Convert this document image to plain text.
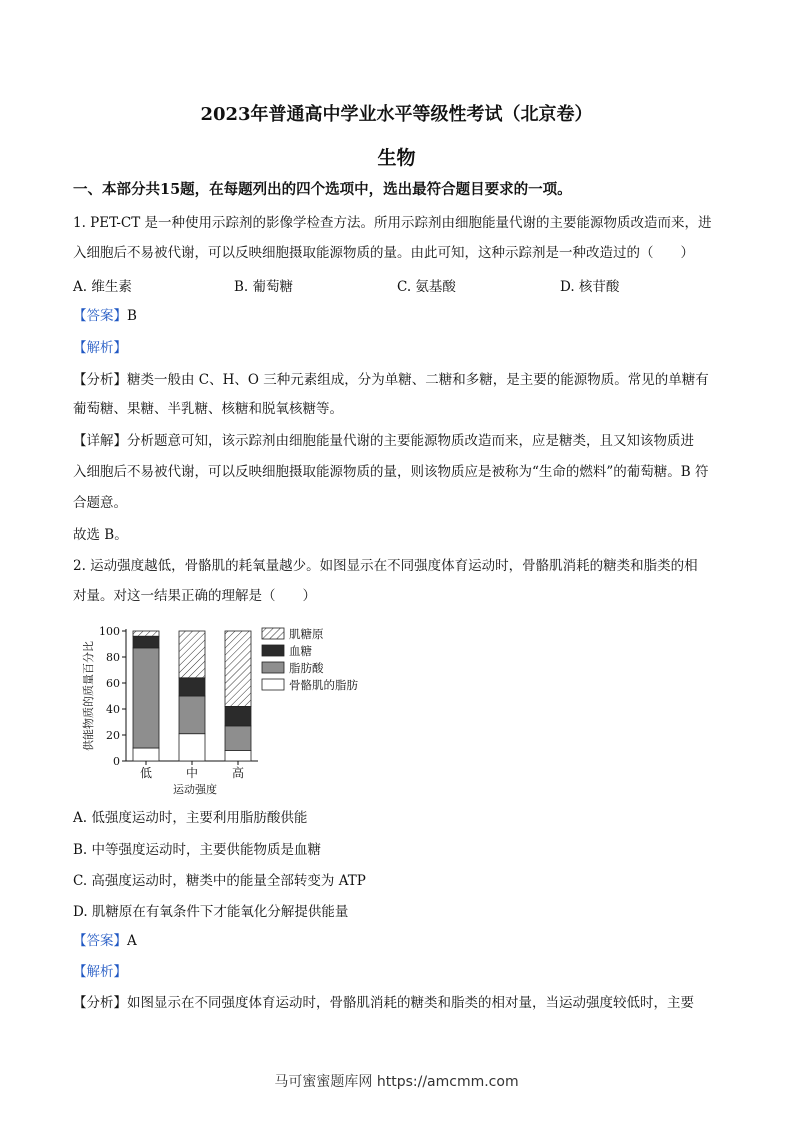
2023年普通高中学业水平等级性考试（北京卷）
生物
一、本部分共15题，在每题列出的四个选项中，选出最符合题目要求的一项。
1. PET-CT 是一种使用示踪剂的影像学检查方法。所用示踪剂由细胞能量代谢的主要能源物质改造而来，进
入细胞后不易被代谢，可以反映细胞摄取能源物质的量。由此可知，这种示踪剂是一种改造过的（　　）
A. 维生素	B. 葡萄糖	C. 氨基酸	D. 核苷酸
【答案】B
【解析】
【分析】糖类一般由 C、H、O 三种元素组成，分为单糖、二糖和多糖，是主要的能源物质。常见的单糖有
葡萄糖、果糖、半乳糖、核糖和脱氧核糖等。
【详解】分析题意可知，该示踪剂由细胞能量代谢的主要能源物质改造而来，应是糖类，且又知该物质进
入细胞后不易被代谢，可以反映细胞摄取能源物质的量，则该物质应是被称为“生命的燃料”的葡萄糖。B 符
合题意。
故选 B。
2. 运动强度越低，骨骼肌的耗氧量越少。如图显示在不同强度体育运动时，骨骼肌消耗的糖类和脂类的相
对量。对这一结果正确的理解是（　　）
供能物质的质量百分比
0
20
40
60
80
100
低	中	高
肌糖原
血糖
脂肪酸
骨骼肌的脂肪
运动强度
A. 低强度运动时，主要利用脂肪酸供能
B. 中等强度运动时，主要供能物质是血糖
C. 高强度运动时，糖类中的能量全部转变为 ATP
D. 肌糖原在有氧条件下才能氧化分解提供能量
【答案】A
【解析】
【分析】如图显示在不同强度体育运动时，骨骼肌消耗的糖类和脂类的相对量，当运动强度较低时，主要
马可蜜蜜题库网 https://amcmm.com
